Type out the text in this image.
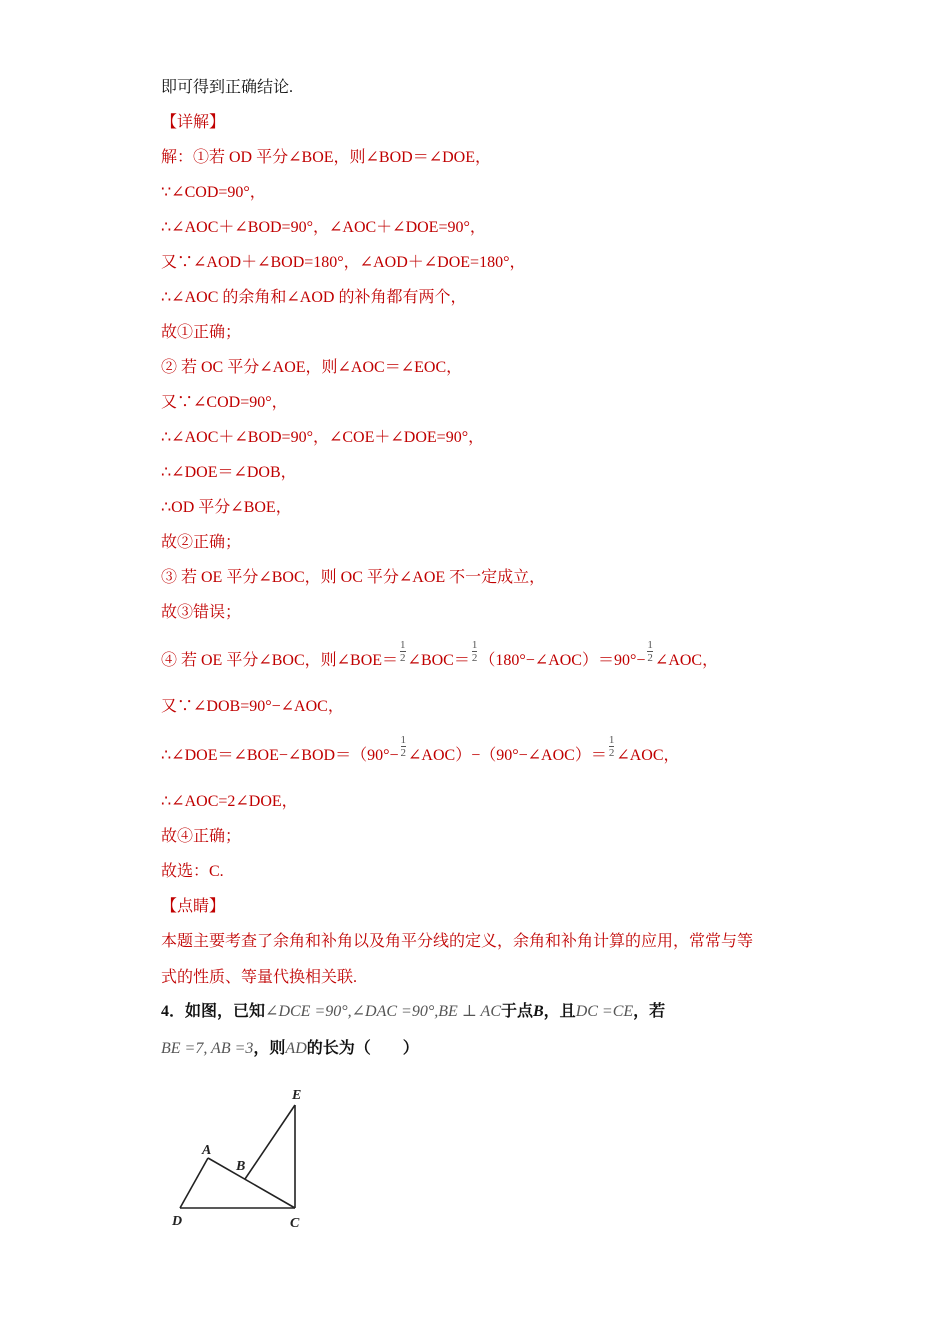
即可得到正确结论.
【详解】
解：①若 OD 平分∠BOE，则∠BOD＝∠DOE，
∵∠COD=90°，
∴∠AOC＋∠BOD=90°，∠AOC＋∠DOE=90°，
又∵∠AOD＋∠BOD=180°，∠AOD＋∠DOE=180°，
∴∠AOC 的余角和∠AOD 的补角都有两个，
故①正确；
② 若 OC 平分∠AOE，则∠AOC＝∠EOC，
又∵∠COD=90°，
∴∠AOC＋∠BOD=90°，∠COE＋∠DOE=90°，
∴∠DOE＝∠DOB，
∴OD 平分∠BOE，
故②正确；
③ 若 OE 平分∠BOC，则 OC 平分∠AOE 不一定成立，
故③错误；
④ 若 OE 平分∠BOC，则∠BOE＝ $\frac{1}{2}$ ∠BOC＝ $\frac{1}{2}$ （180°−∠AOC）＝90°− $\frac{1}{2}$ ∠AOC，
又∵∠DOB=90°−∠AOC，
∴∠DOE＝∠BOE−∠BOD＝（90°− $\frac{1}{2}$ ∠AOC）−（90°−∠AOC）＝ $\frac{1}{2}$ ∠AOC，
∴∠AOC=2∠DOE，
故④正确；
故选：C.
【点睛】
本题主要考查了余角和补角以及角平分线的定义，余角和补角计算的应用，常常与等
式的性质、等量代换相关联.
4．如图，已知∠DCE =90°,∠DAC =90°,BE ⊥ AC于点B，且DC =CE，若
BE =7, AB =3，则AD的长为（　　）
E
A
B
D	C
